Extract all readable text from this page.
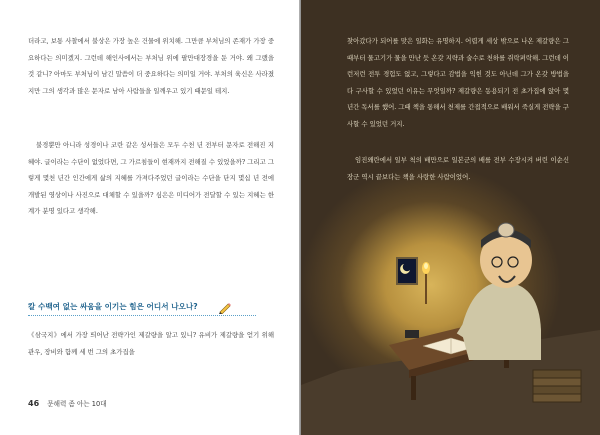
더라고, 보통 사찰에서 불상은 가장 높은 건물에 위치해. 그만큼 부처님의 존재가 가장 중요하다는 의미겠지. 그런데 해인사에서는 부처님 위에 팔만대장경을 둔 거야. 왜 그랬을 것 같니? 아마도 부처님이 남긴 말씀이 더 중요하다는 의미일 거야. 부처의 육신은 사라졌지만 그의 생각과 많은 문자로 남아 사람들을 일깨우고 있기 때문일 테지.

불경뿐만 아니라 성경이나 코란 같은 성서들은 모두 수천 년 전부터 문자로 전해진 지혜야. 글이라는 수단이 없었다면, 그 가르침들이 현재까지 전해질 수 있었을까? 그리고 그렇게 몇천 년간 인간에게 삶의 지혜를 가져다주었던 글이라는 수단을 단지 몇십 년 전에 개발된 영상이나 사진으로 대체할 수 있을까? 심은은 미디어가 전달할 수 있는 지혜는 한계가 분명 있다고 생각해.

칼 수백여 없는 싸움을 이기는 힘은 어디서 나오나?

《삼국지》에서 가장 띄어난 전략가인 제갈량을 알고 있니? 유비가 제갈량을 얻기 위해 관우, 장비와 함께 세 번 그의 초가집을

46 문해력 좀 아는 10대

찾아갔다가 되어를 맞은 일화는 유명하지. 어렵게 세상 밖으로 나온 제갈량은 그때부터 물고기가 물을 만난 듯 온갖 지략과 술수로 천하를 쥐락펴락해. 그런데 이런저런 전투 경험도 없고, 그렇다고 감법을 익힌 것도 아닌데 그가 온갖 방법을 다 구사할 수 있었던 이유는 무엇일까? 제갈량은 동용되기 전 초가집에 앉아 몇 년간 독서를 했어. 그때 책을 통해서 천제를 간접적으로 배워서 죽실게 전략을 구사할 수 있었던 거지.

임진왜란에서 일부 척의 배만으로 일본군의 배를 전부 수장시켜 버린 이순신 장군 역시 끝보다는 책을 사랑한 사람이었어.
